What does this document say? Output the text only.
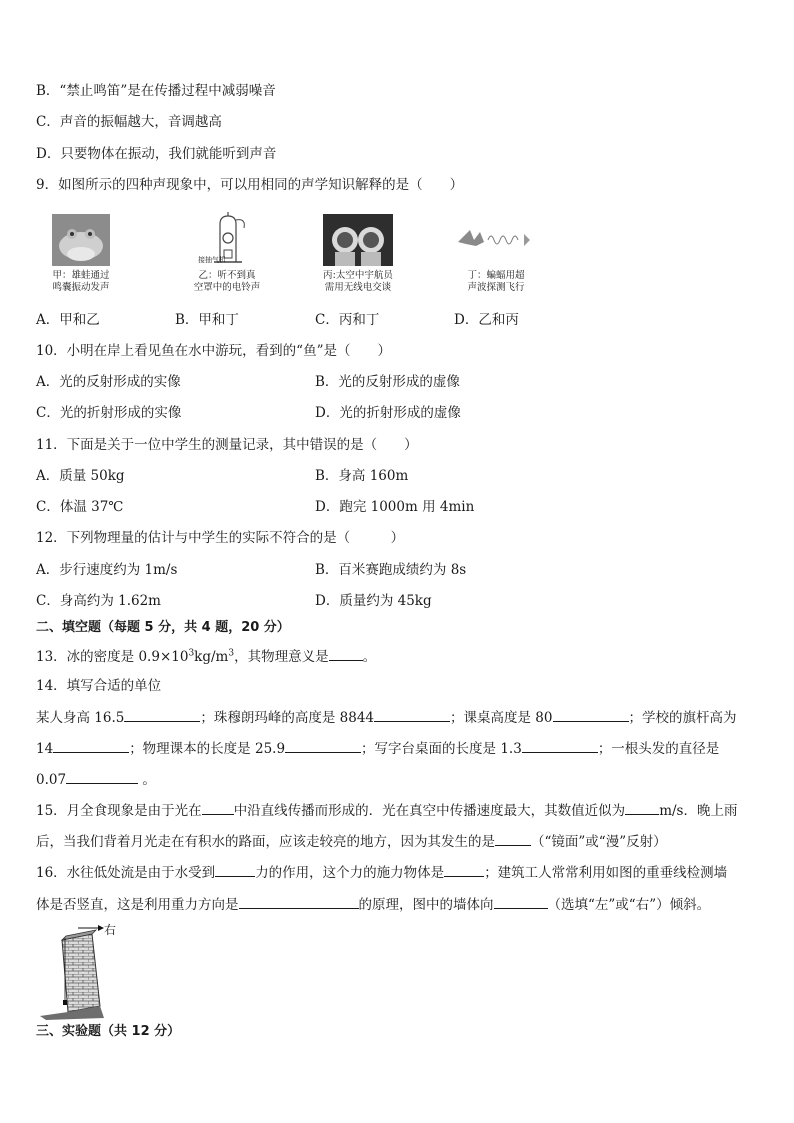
B．“禁止鸣笛”是在传播过程中减弱噪音
C．声音的振幅越大，音调越高
D．只要物体在振动，我们就能听到声音
9．如图所示的四种声现象中，可以用相同的声学知识解释的是（　　）
甲：雄蛙通过
鸣囊振动发声
接抽气机
乙：听不到真
空罩中的电铃声
丙:太空中宇航员
需用无线电交谈
丁：蝙蝠用超
声波探测飞行
A．甲和乙	B．甲和丁	C．丙和丁	D．乙和丙
10．小明在岸上看见鱼在水中游玩，看到的“鱼”是（　　）
A．光的反射形成的实像	B．光的反射形成的虚像
C．光的折射形成的实像	D．光的折射形成的虚像
11．下面是关于一位中学生的测量记录，其中错误的是（　　）
A．质量 50kg	B．身高 160m
C．体温 37℃	D．跑完 1000m 用 4min
12．下列物理量的估计与中学生的实际不符合的是（　　　）
A．步行速度约为 1m/s	B．百米赛跑成绩约为 8s
C．身高约为 1.62m	D．质量约为 45kg
二、填空题（每题 5 分，共 4 题，20 分）
13．冰的密度是 $0.9\times 10^3kg/m^3$，其物理意义是	。
14．填写合适的单位
某人身高 16.5	；珠穆朗玛峰的高度是 8844	；课桌高度是 80	；学校的旗杆高为
14	；物理课本的长度是 25.9	；写字台桌面的长度是 1.3	；一根头发的直径是
0.07	。
15．月全食现象是由于光在 中沿直线传播而形成的．光在真空中传播速度最大，其数值近似为	m/s．晚上雨
后，当我们背着月光走在有积水的路面，应该走较亮的地方，因为其发生的是	（“镜面”或“漫”反射）
16．水往低处流是由于水受到	力的作用，这个力的施力物体是	；建筑工人常常利用如图的重垂线检测墙
体是否竖直，这是利用重力方向是	的原理，图中的墙体向	（选填“左”或“右”）倾斜。
右
三、实验题（共 12 分）
